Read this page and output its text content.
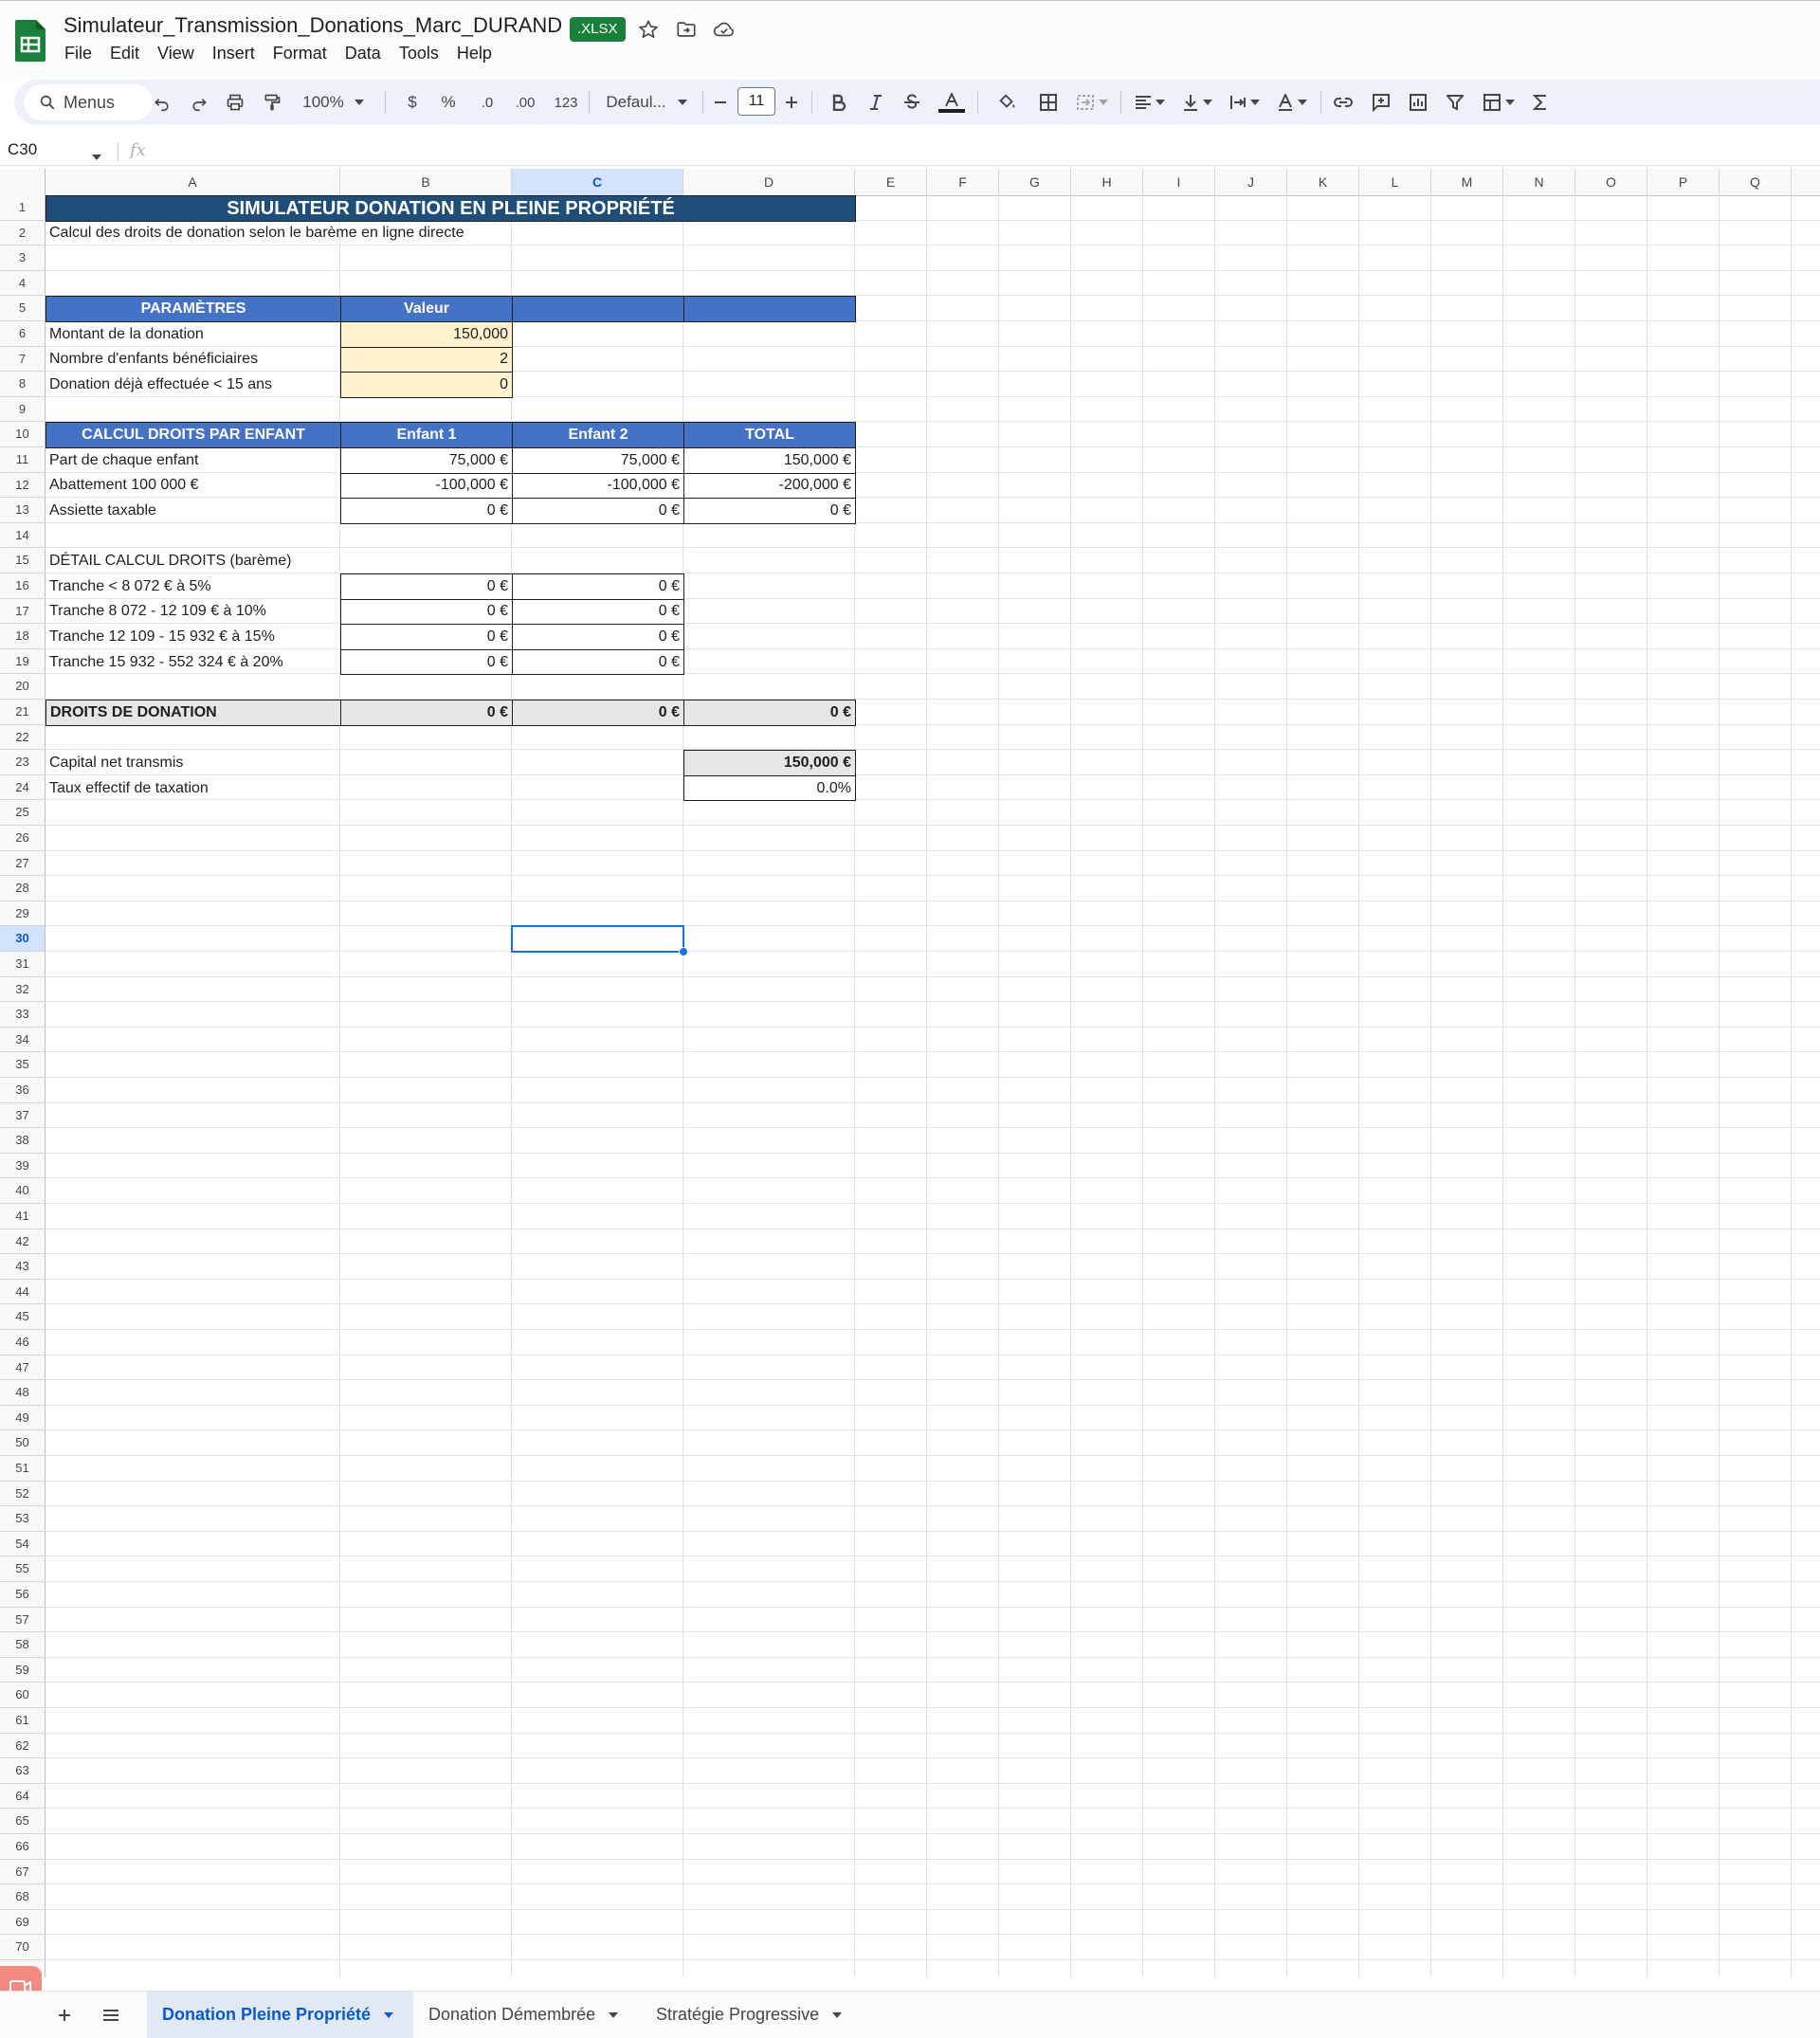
Simulateur_Transmission_Donations_Marc_DURAND	.XLSX
File Edit View Insert Format Data Tools Help
Menus	100%	$ % .0 .00 123 Defaul...	11
C30	fx
A	B	C	D	E	F	G	H	I	J	K	L	M	N	O	P	Q
1
2
3
4
5
6
7
8
9
10
11
12
13
14
15
16
17
18
19
20
21
22
23
24
25
26
27
28
29
30
31
32
33
34
35
36
37
38
39
40
41
42
43
44
45
46
47
48
49
50
51
52
53
54
55
56
57
58
59
60
61
62
63
64
65
66
67
68
69
70
SIMULATEUR DONATION EN PLEINE PROPRIÉTÉ
Calcul des droits de donation selon le barème en ligne directe
PARAMÈTRES	Valeur
Montant de la donation	150,000
Nombre d'enfants bénéficiaires	2
Donation déjà effectuée < 15 ans	0
CALCUL DROITS PAR ENFANT	Enfant 1	Enfant 2	TOTAL
Part de chaque enfant	75,000 €	75,000 €	150,000 €
Abattement 100 000 €	-100,000 €	-100,000 €	-200,000 €
Assiette taxable	0 €	0 €	0 €
DÉTAIL CALCUL DROITS (barème)
Tranche < 8 072 € à 5%	0 €	0 €
Tranche 8 072 - 12 109 € à 10%	0 €	0 €
Tranche 12 109 - 15 932 € à 15%	0 €	0 €
Tranche 15 932 - 552 324 € à 20%	0 €	0 €
DROITS DE DONATION	0 €	0 €	0 €
Capital net transmis	150,000 €
Taux effectif de taxation	0.0%
Donation Pleine Propriété	Donation Démembrée	Stratégie Progressive
